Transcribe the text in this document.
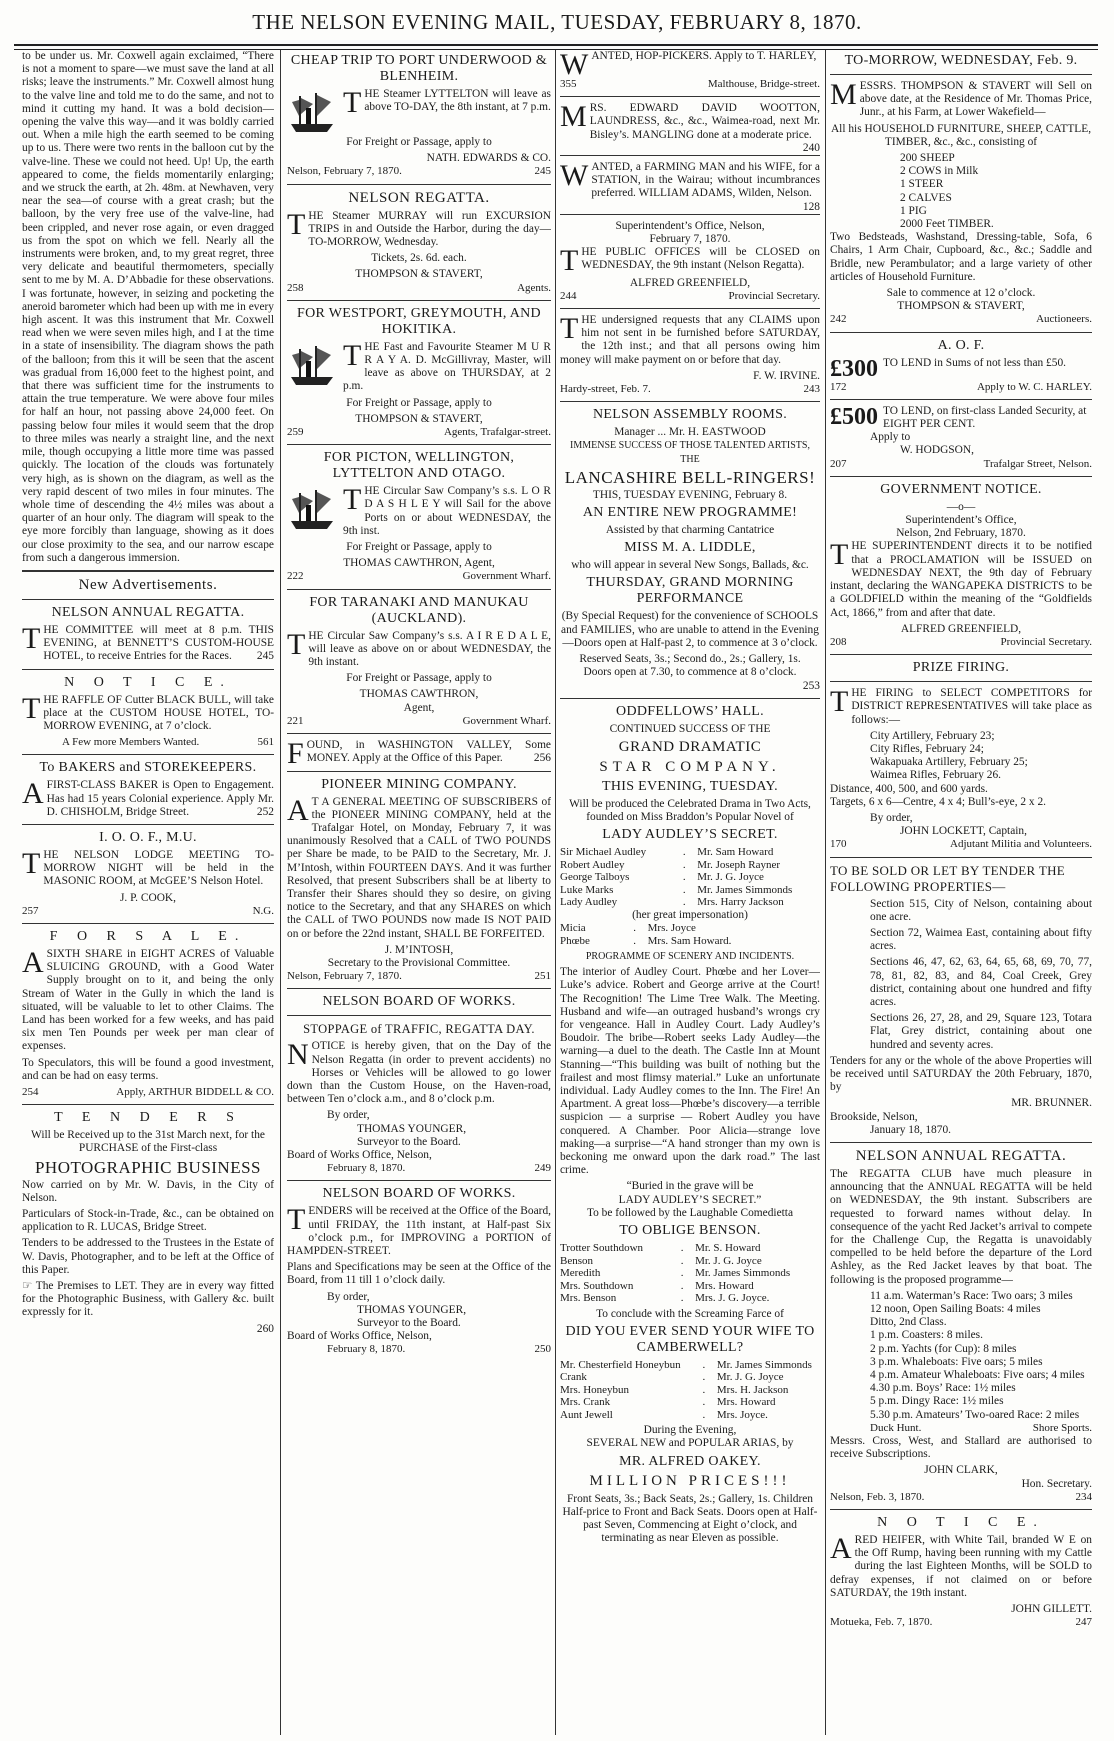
THE NELSON EVENING MAIL, TUESDAY, FEBRUARY 8, 1870.

to be under us. Mr. Coxwell again exclaimed, “There is not a moment to spare—we must save the land at all risks; leave the instruments.” Mr. Coxwell almost hung to the valve line and told me to do the same, and not to mind it cutting my hand. It was a bold decision—opening the valve this way—and it was boldly carried out. When a mile high the earth seemed to be coming up to us. There were two rents in the balloon cut by the valve-line. These we could not heed. Up! Up, the earth appeared to come, the fields momentarily enlarging; and we struck the earth, at 2h. 48m. at Newhaven, very near the sea—of course with a great crash; but the balloon, by the very free use of the valve-line, had been crippled, and never rose again, or even dragged us from the spot on which we fell. Nearly all the instruments were broken, and, to my great regret, three very delicate and beautiful thermometers, specially sent to me by M. A. D’Abbadie for these observations. I was fortunate, however, in seizing and pocketing the aneroid barometer which had been up with me in every high ascent. It was this instrument that Mr. Coxwell read when we were seven miles high, and I at the time in a state of insensibility. The diagram shows the path of the balloon; from this it will be seen that the ascent was gradual from 16,000 feet to the highest point, and that there was sufficient time for the instruments to attain the true temperature. We were above four miles for half an hour, not passing above 24,000 feet. On passing below four miles it would seem that the drop to three miles was nearly a straight line, and the next mile, though occupying a little more time was passed quickly. The location of the clouds was fortunately very high, as is shown on the diagram, as well as the very rapid descent of two miles in four minutes. The whole time of descending the 4½ miles was about a quarter of an hour only. The diagram will speak to the eye more forcibly than language, showing as it does our close proximity to the sea, and our narrow escape from such a dangerous immersion.

New Advertisements.
NELSON ANNUAL REGATTA.

THE COMMITTEE will meet at 8 p.m. THIS EVENING, at BENNETT’S CUSTOM-HOUSE HOTEL, to receive Entries for the Races. 245

N O T I C E.

THE RAFFLE OF Cutter BLACK BULL, will take place at the CUSTOM HOUSE HOTEL, TO-MORROW EVENING, at 7 o’clock.

A Few more Members Wanted.	561
To BAKERS and STOREKEEPERS.

AFIRST-CLASS BAKER is Open to Engagement. Has had 15 years Colonial experience. Apply Mr. D. CHISHOLM, Bridge Street.	252

I. O. O. F., M.U.

THE NELSON LODGE MEETING TO-MORROW NIGHT will be held in the MASONIC ROOM, at McGEE’S Nelson Hotel.

J. P. COOK,
257	N.G.
F O R S A L E.

ASIXTH SHARE in EIGHT ACRES of Valuable SLUICING GROUND, with a Good Water Supply brought on to it, and being the only Stream of Water in the Gully in which the land is situated, will be valuable to let to other Claims. The Land has been worked for a few weeks, and has paid six men Ten Pounds per week per man clear of expenses.

To Speculators, this will be found a good investment, and can be had on easy terms.

254	Apply, ARTHUR BIDDELL & CO.
T E N D E R S

Will be Received up to the 31st March next, for the PURCHASE of the First-class

PHOTOGRAPHIC BUSINESS

Now carried on by Mr. W. Davis, in the City of Nelson.

Particulars of Stock-in-Trade, &c., can be obtained on application to R. LUCAS, Bridge Street.

Tenders to be addressed to the Trustees in the Estate of W. Davis, Photographer, and to be left at the Office of this Paper.

☞ The Premises to LET. They are in every way fitted for the Photographic Business, with Gallery &c. built expressly for it.

260
CHEAP TRIP TO PORT UNDERWOOD & BLENHEIM.

THE Steamer LYTTELTON will leave as above TO-DAY, the 8th instant, at 7 p.m.

For Freight or Passage, apply to

NATH. EDWARDS & CO.
Nelson, February 7, 1870.	245
NELSON REGATTA.

THE Steamer MURRAY will run EXCURSION TRIPS in and Outside the Harbor, during the day—TO-MORROW, Wednesday.

Tickets, 2s. 6d. each.

THOMPSON & STAVERT,
258	Agents.
FOR WESTPORT, GREYMOUTH, AND HOKITIKA.

THE Fast and Favourite Steamer M U R R A Y A. D. McGillivray, Master, will leave as above on THURSDAY, at 2 p.m.

For Freight or Passage, apply to

THOMPSON & STAVERT,
259	Agents, Trafalgar-street.
FOR PICTON, WELLINGTON, LYTTELTON AND OTAGO.

THE Circular Saw Company’s s.s. L O R D A S H L E Y will Sail for the above Ports on or about WEDNESDAY, the 9th inst.

For Freight or Passage, apply to

THOMAS CAWTHRON, Agent,
222	Government Wharf.
FOR TARANAKI AND MANUKAU (AUCKLAND).

THE Circular Saw Company’s s.s. A I R E D A L E, will leave as above on or about WEDNESDAY, the 9th instant.

For Freight or Passage, apply to

THOMAS CAWTHRON,
Agent,
221	Government Wharf.

FOUND, in WASHINGTON VALLEY, Some MONEY. Apply at the Office of this Paper.	256

PIONEER MINING COMPANY.

A T A GENERAL MEETING OF SUBSCRIBERS of the PIONEER MINING COMPANY, held at the Trafalgar Hotel, on Monday, February 7, it was unanimously Resolved that a CALL of TWO POUNDS per Share be made, to be PAID to the Secretary, Mr. J. M’Intosh, within FOURTEEN DAYS. And it was further Resolved, that present Subscribers shall be at liberty to Transfer their Shares should they so desire, on giving notice to the Secretary, and that any SHARES on which the CALL of TWO POUNDS now made IS NOT PAID on or before the 22nd instant, SHALL BE FORFEITED.

J. M’INTOSH,
Secretary to the Provisional Committee.
Nelson, February 7, 1870.	251
NELSON BOARD OF WORKS.
STOPPAGE of TRAFFIC, REGATTA DAY.

NOTICE is hereby given, that on the Day of the Nelson Regatta (in order to prevent accidents) no Horses or Vehicles will be allowed to go lower down than the Custom House, on the Haven-road, between Ten o’clock a.m., and 8 o’clock p.m.

By order,
THOMAS YOUNGER,
Surveyor to the Board.
Board of Works Office, Nelson,
February 8, 1870.	249
NELSON BOARD OF WORKS.

TENDERS will be received at the Office of the Board, until FRIDAY, the 11th instant, at Half-past Six o’clock p.m., for IMPROVING a PORTION of HAMPDEN-STREET.

Plans and Specifications may be seen at the Office of the Board, from 11 till 1 o’clock daily.

By order,
THOMAS YOUNGER,
Surveyor to the Board.
Board of Works Office, Nelson,
February 8, 1870.	250

WANTED, HOP-PICKERS. Apply to T. HARLEY,

355	Malthouse, Bridge-street.

MRS. EDWARD DAVID WOOTTON, LAUNDRESS, &c., &c., Waimea-road, next Mr. Bisley’s. MANGLING done at a moderate price.
240

WANTED, a FARMING MAN and his WIFE, for a STATION, in the Wairau; without incumbrances preferred. WILLIAM ADAMS, Wilden, Nelson.
128

Superintendent’s Office, Nelson,
February 7, 1870.

THE PUBLIC OFFICES will be CLOSED on WEDNESDAY, the 9th instant (Nelson Regatta).

ALFRED GREENFIELD,
244	Provincial Secretary.

THE undersigned requests that any CLAIMS upon him not sent in be furnished before SATURDAY, the 12th inst.; and that all persons owing him money will make payment on or before that day.

F. W. IRVINE.
Hardy-street, Feb. 7.	243
NELSON ASSEMBLY ROOMS.
Manager ... Mr. H. EASTWOOD
IMMENSE SUCCESS OF THOSE TALENTED ARTISTS, THE
LANCASHIRE BELL-RINGERS!
THIS, TUESDAY EVENING, February 8.
AN ENTIRE NEW PROGRAMME!
Assisted by that charming Cantatrice
MISS M. A. LIDDLE,
who will appear in several New Songs, Ballads, &c.
THURSDAY, GRAND MORNING PERFORMANCE

(By Special Request) for the convenience of SCHOOLS and FAMILIES, who are unable to attend in the Evening—Doors open at Half-past 2, to commence at 3 o’clock.

Reserved Seats, 3s.; Second do., 2s.; Gallery, 1s.
Doors open at 7.30, to commence at 8 o’clock.
253
ODDFELLOWS’ HALL.
CONTINUED SUCCESS OF THE
GRAND DRAMATIC
STAR COMPANY.
THIS EVENING, TUESDAY.

Will be produced the Celebrated Drama in Two Acts, founded on Miss Braddon’s Popular Novel of

LADY AUDLEY’S SECRET.
Sir Michael Audley	.	Mr. Sam Howard
Robert Audley	.	Mr. Joseph Rayner
George Talboys	.	Mr. J. G. Joyce
Luke Marks	.	Mr. James Simmonds
Lady Audley	.	Mrs. Harry Jackson
(her great impersonation)
Micia	.	Mrs. Joyce
Phœbe	.	Mrs. Sam Howard.
PROGRAMME OF SCENERY AND INCIDENTS.

The interior of Audley Court. Phœbe and her Lover—Luke’s advice. Robert and George arrive at the Court! The Recognition! The Lime Tree Walk. The Meeting. Husband and wife—an outraged husband’s wrongs cry for vengeance. Hall in Audley Court. Lady Audley’s Boudoir. The bribe—Robert seeks Lady Audley—the warning—a duel to the death. The Castle Inn at Mount Stanning—“This building was built of nothing but the frailest and most flimsy material.” Luke an unfortunate individual. Lady Audley comes to the Inn. The Fire! An Apartment. A great loss—Phœbe’s discovery—a terrible suspicion — a surprise — Robert Audley you have conquered. A Chamber. Poor Alicia—strange love making—a surprise—“A hand stronger than my own is beckoning me onward upon the dark road.” The last crime.

“Buried in the grave will be
LADY AUDLEY’S SECRET.”
To be followed by the Laughable Comedietta
TO OBLIGE BENSON.
Trotter Southdown	.	Mr. S. Howard
Benson	.	Mr. J. G. Joyce
Meredith	.	Mr. James Simmonds
Mrs. Southdown	.	Mrs. Howard
Mrs. Benson	.	Mrs. J. G. Joyce.
To conclude with the Screaming Farce of
DID YOU EVER SEND YOUR WIFE TO CAMBERWELL?
Mr. Chesterfield Honeybun	.	Mr. James Simmonds
Crank	.	Mr. J. G. Joyce
Mrs. Honeybun	.	Mrs. H. Jackson
Mrs. Crank	.	Mrs. Howard
Aunt Jewell	.	Mrs. Joyce.
During the Evening,
SEVERAL NEW and POPULAR ARIAS, by
MR. ALFRED OAKEY.
MILLION PRICES!!!

Front Seats, 3s.; Back Seats, 2s.; Gallery, 1s. Children Half-price to Front and Back Seats. Doors open at Half-past Seven, Commencing at Eight o’clock, and terminating as near Eleven as possible.

TO-MORROW, WEDNESDAY, Feb. 9.

MESSRS. THOMPSON & STAVERT will Sell on above date, at the Residence of Mr. Thomas Price, Junr., at his Farm, at Lower Wakefield—

All his HOUSEHOLD FURNITURE, SHEEP, CATTLE, TIMBER, &c., &c., consisting of

200 SHEEP
2 COWS in Milk
1 STEER
2 CALVES
1 PIG
2000 Feet TIMBER.

Two Bedsteads, Washstand, Dressing-table, Sofa, 6 Chairs, 1 Arm Chair, Cupboard, &c., &c.; Saddle and Bridle, new Perambulator; and a large variety of other articles of Household Furniture.

Sale to commence at 12 o’clock.
THOMPSON & STAVERT,
242	Auctioneers.
A. O. F.
£300 TO LEND in Sums of not less than £50.
172	Apply to W. C. HARLEY.
£500 TO LEND, on first-class Landed Security, at EIGHT PER CENT.
Apply to
W. HODGSON,
207	Trafalgar Street, Nelson.
GOVERNMENT NOTICE.
—o—
Superintendent’s Office,
Nelson, 2nd February, 1870.

THE SUPERINTENDENT directs it to be notified that a PROCLAMATION will be ISSUED on WEDNESDAY NEXT, the 9th day of February instant, declaring the WANGAPEKA DISTRICTS to be a GOLDFIELD within the meaning of the “Goldfields Act, 1866,” from and after that date.

ALFRED GREENFIELD,
208	Provincial Secretary.
PRIZE FIRING.

THE FIRING to SELECT COMPETITORS for DISTRICT REPRESENTATIVES will take place as follows:—

City Artillery, February 23;
City Rifles, February 24;
Wakapuaka Artillery, February 25;
Waimea Rifles, February 26.
Distance, 400, 500, and 600 yards.
Targets, 6 x 6—Centre, 4 x 4; Bull’s-eye, 2 x 2.
By order,
JOHN LOCKETT, Captain,
170	Adjutant Militia and Volunteers.
TO BE SOLD OR LET BY TENDER THE FOLLOWING PROPERTIES—

Section 515, City of Nelson, containing about one acre.

Section 72, Waimea East, containing about fifty acres.

Sections 46, 47, 62, 63, 64, 65, 68, 69, 70, 77, 78, 81, 82, 83, and 84, Coal Creek, Grey district, containing about one hundred and fifty acres.

Sections 26, 27, 28, and 29, Square 123, Totara Flat, Grey district, containing about one hundred and seventy acres.

Tenders for any or the whole of the above Properties will be received until SATURDAY the 20th February, 1870, by

MR. BRUNNER.
Brookside, Nelson,
January 18, 1870.
NELSON ANNUAL REGATTA.

The REGATTA CLUB have much pleasure in announcing that the ANNUAL REGATTA will be held on WEDNESDAY, the 9th instant. Subscribers are requested to forward names without delay. In consequence of the yacht Red Jacket’s arrival to compete for the Challenge Cup, the Regatta is unavoidably compelled to be held before the departure of the Lord Ashley, as the Red Jacket leaves by that boat. The following is the proposed programme—

11 a.m. Waterman’s Race: Two oars; 3 miles
12 noon, Open Sailing Boats: 4 miles
Ditto, 2nd Class.
1 p.m. Coasters: 8 miles.
2 p.m. Yachts (for Cup): 8 miles
3 p.m. Whaleboats: Five oars; 5 miles
4 p.m. Amateur Whaleboats: Five oars; 4 miles
4.30 p.m. Boys’ Race: 1½ miles
5 p.m. Dingy Race: 1½ miles
5.30 p.m. Amateurs’ Two-oared Race: 2 miles
Duck Hunt.	Shore Sports.

Messrs. Cross, West, and Stallard are authorised to receive Subscriptions.

JOHN CLARK,
Hon. Secretary.
Nelson, Feb. 3, 1870.	234
N O T I C E.

ARED HEIFER, with White Tail, branded W E on the Off Rump, having been running with my Cattle during the last Eighteen Months, will be SOLD to defray expenses, if not claimed on or before SATURDAY, the 19th instant.

JOHN GILLETT.
Motueka, Feb. 7, 1870.	247
